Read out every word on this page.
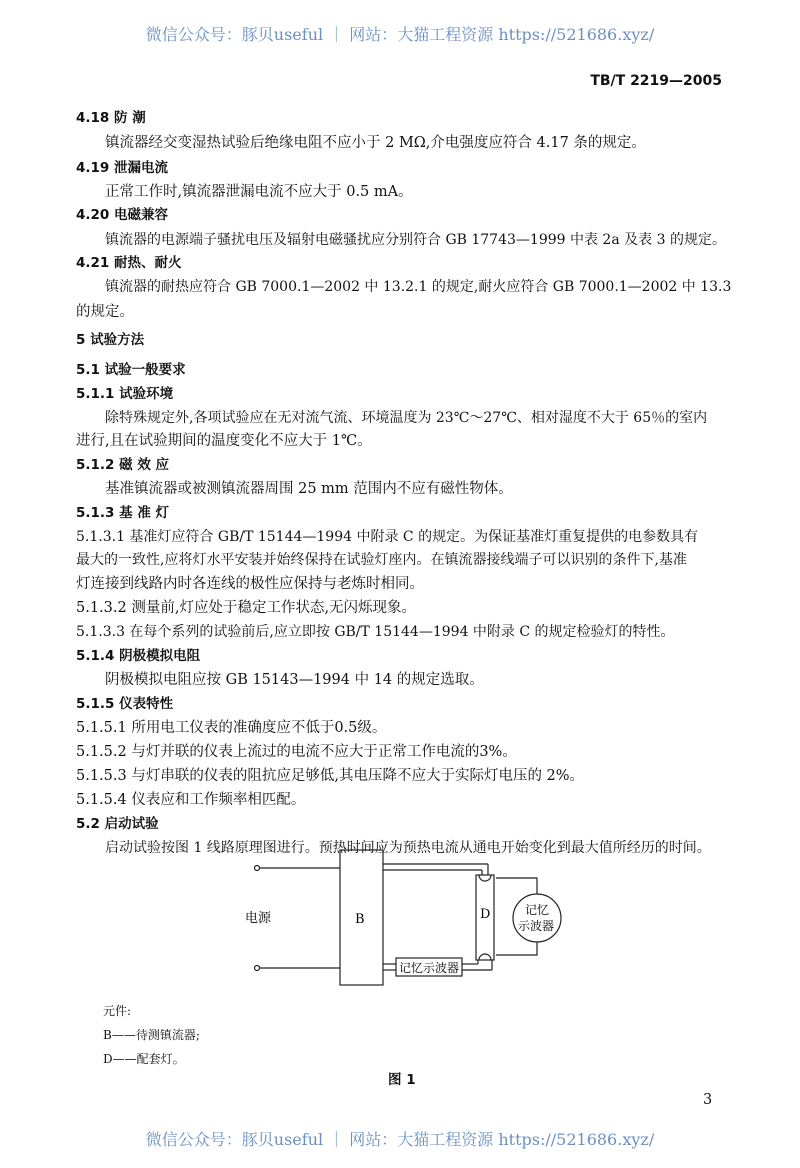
微信公众号：豚贝useful ｜ 网站：大猫工程资源 https://521686.xyz/
TB/T 2219—2005
4.18 防 潮
镇流器经交变湿热试验后绝缘电阻不应小于 2 MΩ,介电强度应符合 4.17 条的规定。
4.19 泄漏电流
正常工作时,镇流器泄漏电流不应大于 0.5 mA。
4.20 电磁兼容
镇流器的电源端子骚扰电压及辐射电磁骚扰应分别符合 GB 17743—1999 中表 2a 及表 3 的规定。
4.21 耐热、耐火
镇流器的耐热应符合 GB 7000.1—2002 中 13.2.1 的规定,耐火应符合 GB 7000.1—2002 中 13.3
的规定。
5 试验方法
5.1 试验一般要求
5.1.1 试验环境
除特殊规定外,各项试验应在无对流气流、环境温度为 23℃～27℃、相对湿度不大于 65％的室内
进行,且在试验期间的温度变化不应大于 1℃。
5.1.2 磁 效 应
基准镇流器或被测镇流器周围 25 mm 范围内不应有磁性物体。
5.1.3 基 准 灯
5.1.3.1 基准灯应符合 GB/T 15144—1994 中附录 C 的规定。为保证基准灯重复提供的电参数具有
最大的一致性,应将灯水平安装并始终保持在试验灯座内。在镇流器接线端子可以识别的条件下,基准
灯连接到线路内时各连线的极性应保持与老炼时相同。
5.1.3.2 测量前,灯应处于稳定工作状态,无闪烁现象。
5.1.3.3 在每个系列的试验前后,应立即按 GB/T 15144—1994 中附录 C 的规定检验灯的特性。
5.1.4 阴极模拟电阻
阴极模拟电阻应按 GB 15143—1994 中 14 的规定选取。
5.1.5 仪表特性
5.1.5.1 所用电工仪表的准确度应不低于0.5级。
5.1.5.2 与灯并联的仪表上流过的电流不应大于正常工作电流的3%。
5.1.5.3 与灯串联的仪表的阻抗应足够低,其电压降不应大于实际灯电压的 2%。
5.1.5.4 仪表应和工作频率相匹配。
5.2 启动试验
启动试验按图 1 线路原理图进行。预热时间应为预热电流从通电开始变化到最大值所经历的时间。
电源	B	D	记忆
示波器
记忆示波器
元件:
B——待测镇流器;
D——配套灯。
图 1
3
微信公众号：豚贝useful ｜ 网站：大猫工程资源 https://521686.xyz/
